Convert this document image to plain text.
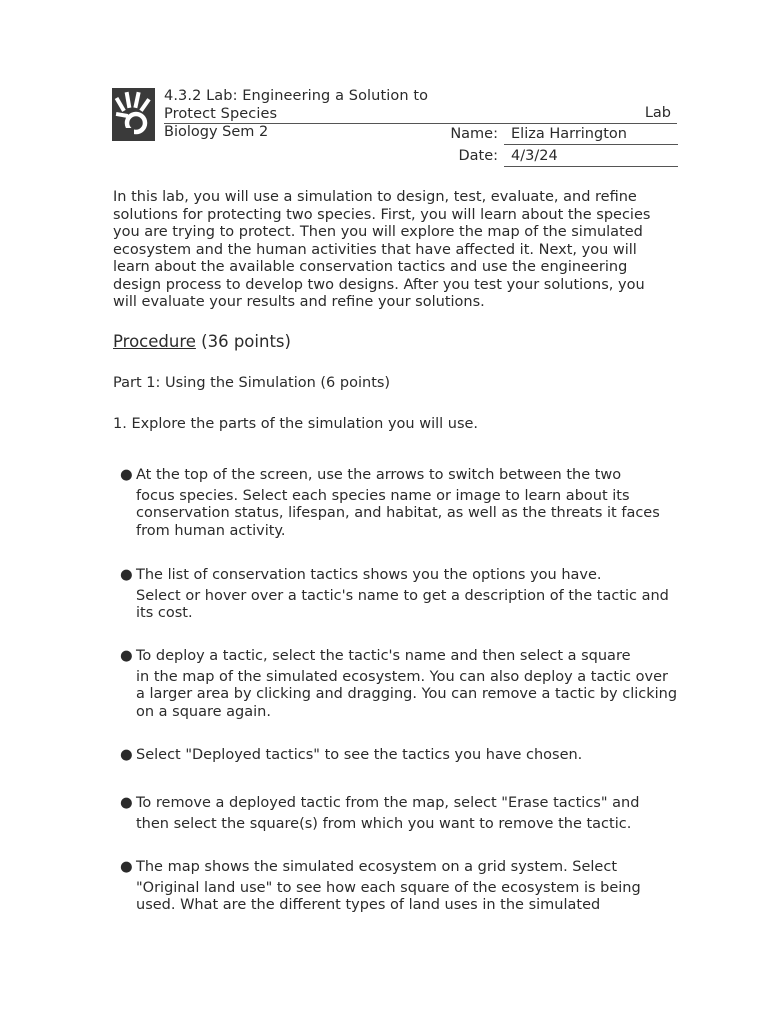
4.3.2 Lab: Engineering a Solution to
Protect Species	Lab
Biology Sem 2	Name: Eliza Harrington
Date: 4/3/24

In this lab, you will use a simulation to design, test, evaluate, and refine solutions for protecting two species. First, you will learn about the species you are trying to protect. Then you will explore the map of the simulated ecosystem and the human activities that have affected it. Next, you will learn about the available conservation tactics and use the engineering design process to develop two designs. After you test your solutions, you will evaluate your results and refine your solutions.

Procedure (36 points)
Part 1: Using the Simulation (6 points)
1. Explore the parts of the simulation you will use.
● At the top of the screen, use the arrows to switch between the two
focus species. Select each species name or image to learn about its conservation status, lifespan, and habitat, as well as the threats it faces from human activity.
● The list of conservation tactics shows you the options you have.
Select or hover over a tactic's name to get a description of the tactic and its cost.
● To deploy a tactic, select the tactic's name and then select a square
in the map of the simulated ecosystem. You can also deploy a tactic over a larger area by clicking and dragging. You can remove a tactic by clicking on a square again.
● Select "Deployed tactics" to see the tactics you have chosen.
● To remove a deployed tactic from the map, select "Erase tactics" and
then select the square(s) from which you want to remove the tactic.
● The map shows the simulated ecosystem on a grid system. Select
"Original land use" to see how each square of the ecosystem is being used. What are the different types of land uses in the simulated
